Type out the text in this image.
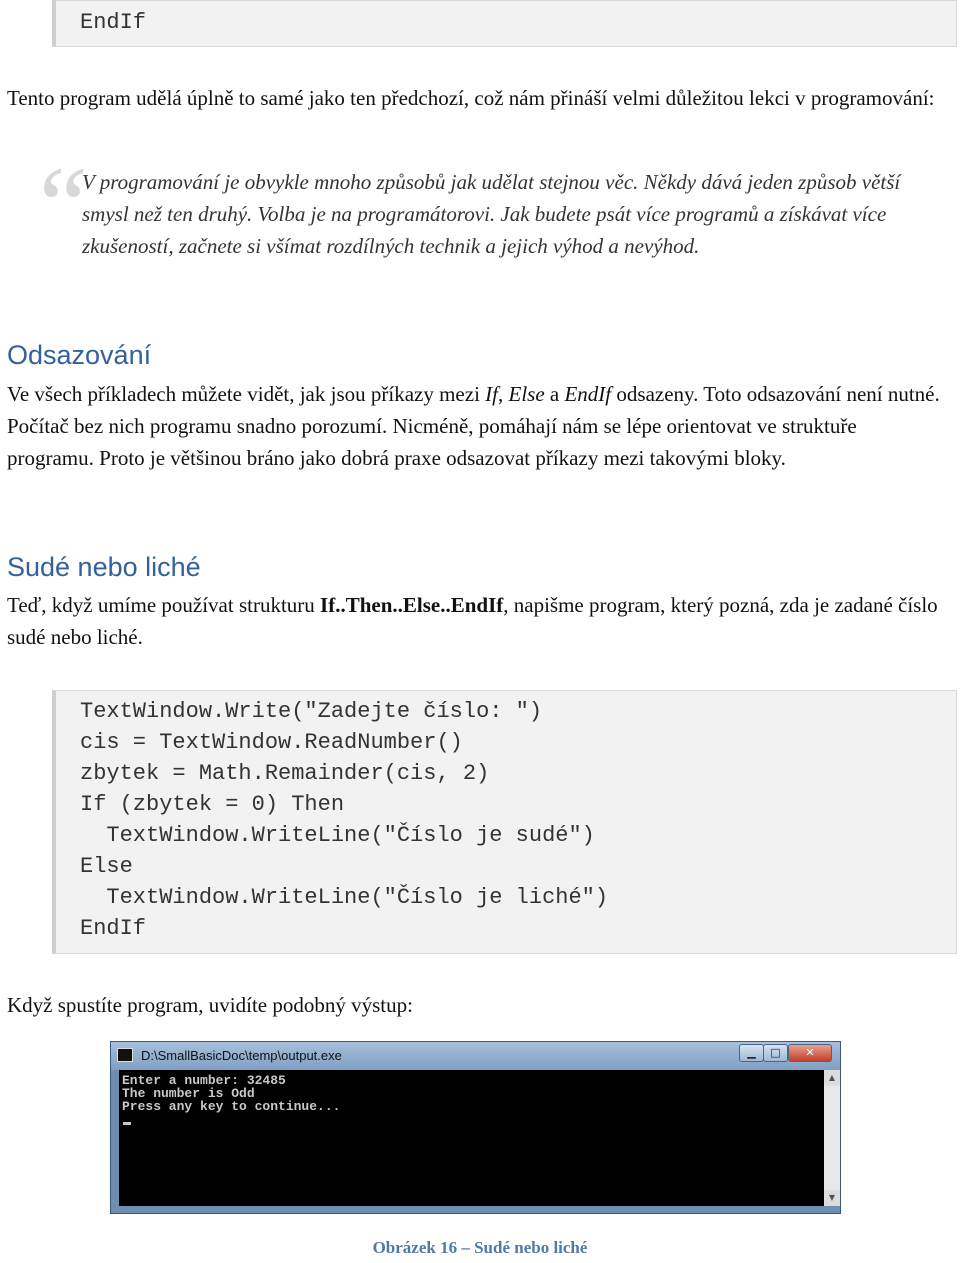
EndIf
Tento program udělá úplně to samé jako ten předchozí, což nám přináší velmi důležitou lekci v programování:
“
V programování je obvykle mnoho způsobů jak udělat stejnou věc. Někdy dává jeden způsob větší smysl než ten druhý. Volba je na programátorovi. Jak budete psát více programů a získávat více zkušeností, začnete si všímat rozdílných technik a jejich výhod a nevýhod.
Odsazování
Ve všech příkladech můžete vidět, jak jsou příkazy mezi If, Else a EndIf odsazeny. Toto odsazování není nutné. Počítač bez nich programu snadno porozumí. Nicméně, pomáhají nám se lépe orientovat ve struktuře programu. Proto je většinou bráno jako dobrá praxe odsazovat příkazy mezi takovými bloky.
Sudé nebo liché
Teď, když umíme používat strukturu If..Then..Else..EndIf, napišme program, který pozná, zda je zadané číslo sudé nebo liché.
TextWindow.Write("Zadejte číslo: ")
cis = TextWindow.ReadNumber()
zbytek = Math.Remainder(cis, 2)
If (zbytek = 0) Then
TextWindow.WriteLine("Číslo je sudé")
Else
TextWindow.WriteLine("Číslo je liché")
EndIf
Když spustíte program, uvidíte podobný výstup:
D:\SmallBasicDoc\temp\output.exe	▁	□	✕
Enter a number: 32485
The number is Odd
Press any key to continue...
▲
▼
Obrázek 16 – Sudé nebo liché
